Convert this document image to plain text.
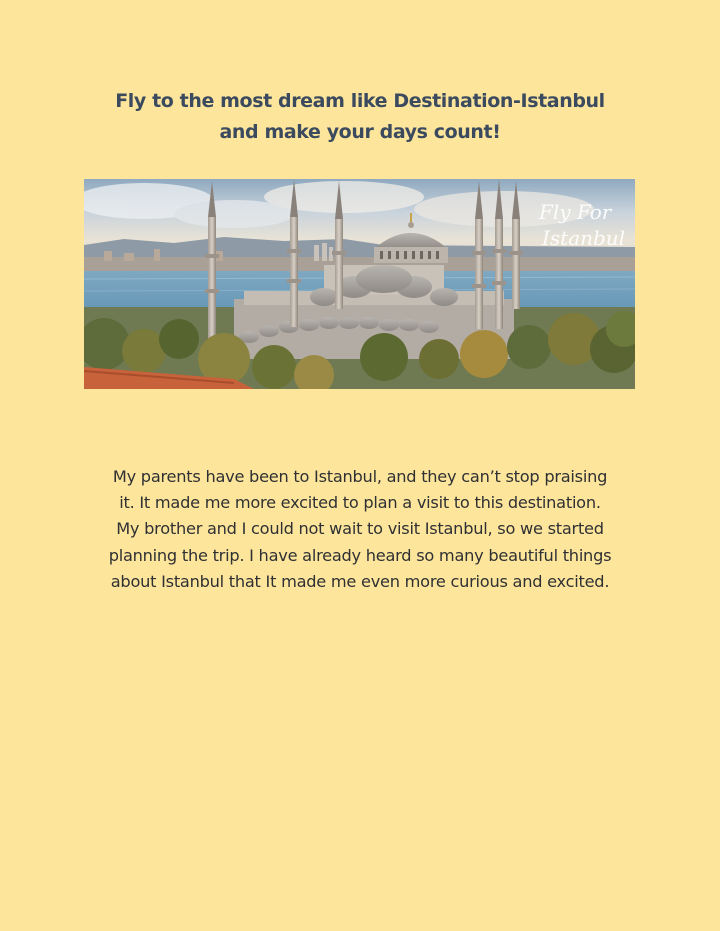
Fly to the most dream like Destination-Istanbul
and make your days count!
Fly For
Istanbul

My parents have been to Istanbul, and they can’t stop praising
it. It made me more excited to plan a visit to this destination.
My brother and I could not wait to visit Istanbul, so we started
planning the trip. I have already heard so many beautiful things
about Istanbul that It made me even more curious and excited.
